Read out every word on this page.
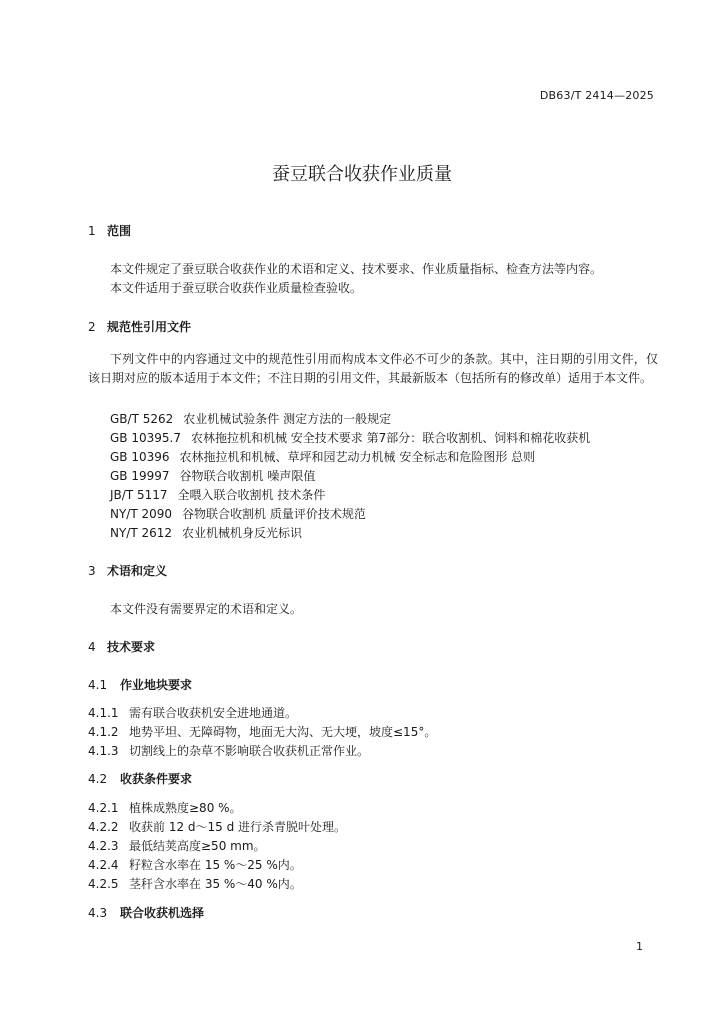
DB63/T 2414—2025
蚕豆联合收获作业质量
1 范围
本文件规定了蚕豆联合收获作业的术语和定义、技术要求、作业质量指标、检查方法等内容。
本文件适用于蚕豆联合收获作业质量检查验收。
2 规范性引用文件
下列文件中的内容通过文中的规范性引用而构成本文件必不可少的条款。其中，注日期的引用文件，仅该日期对应的版本适用于本文件；不注日期的引用文件，其最新版本（包括所有的修改单）适用于本文件。
GB/T 5262 农业机械试验条件 测定方法的一般规定
GB 10395.7 农林拖拉机和机械 安全技术要求 第7部分：联合收割机、饲料和棉花收获机
GB 10396 农林拖拉机和机械、草坪和园艺动力机械 安全标志和危险图形 总则
GB 19997 谷物联合收割机 噪声限值
JB/T 5117 全喂入联合收割机 技术条件
NY/T 2090 谷物联合收割机 质量评价技术规范
NY/T 2612 农业机械机身反光标识
3 术语和定义
本文件没有需要界定的术语和定义。
4 技术要求
4.1 作业地块要求
4.1.1 需有联合收获机安全进地通道。
4.1.2 地势平坦、无障碍物，地面无大沟、无大埂，坡度≤15°。
4.1.3 切割线上的杂草不影响联合收获机正常作业。
4.2 收获条件要求
4.2.1 植株成熟度≥80 %。
4.2.2 收获前 12 d～15 d 进行杀青脱叶处理。
4.2.3 最低结荚高度≥50 mm。
4.2.4 籽粒含水率在 15 %～25 %内。
4.2.5 茎秆含水率在 35 %～40 %内。
4.3 联合收获机选择
1
